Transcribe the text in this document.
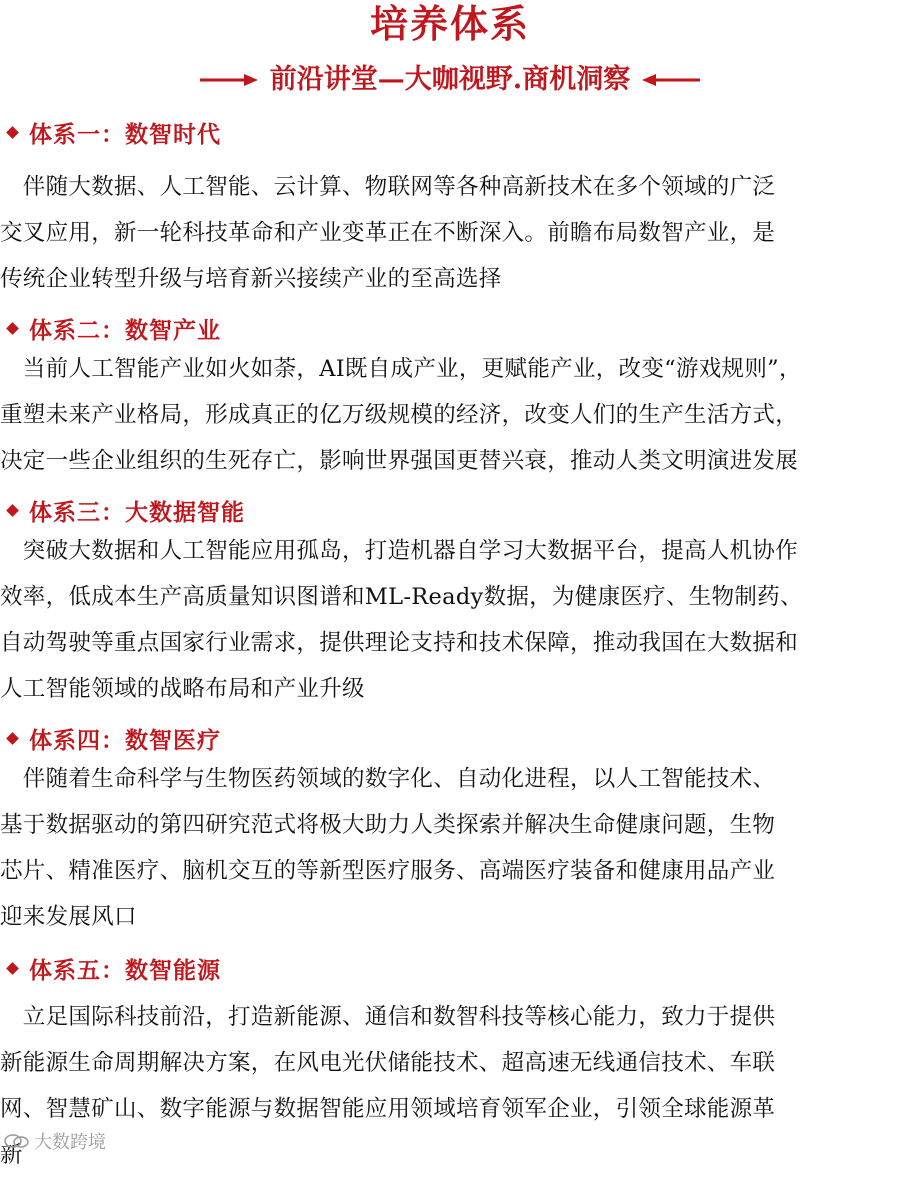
培养体系
前沿讲堂—大咖视野.商机洞察
体系一：数智时代
　伴随大数据、人工智能、云计算、物联网等各种高新技术在多个领域的广泛
交叉应用，新一轮科技革命和产业变革正在不断深入。前瞻布局数智产业，是
传统企业转型升级与培育新兴接续产业的至高选择
体系二：数智产业
　当前人工智能产业如火如荼，AI既自成产业，更赋能产业，改变“游戏规则”，
重塑未来产业格局，形成真正的亿万级规模的经济，改变人们的生产生活方式，
决定一些企业组织的生死存亡，影响世界强国更替兴衰，推动人类文明演进发展
体系三：大数据智能
　突破大数据和人工智能应用孤岛，打造机器自学习大数据平台，提高人机协作
效率，低成本生产高质量知识图谱和ML-Ready数据，为健康医疗、生物制药、
自动驾驶等重点国家行业需求，提供理论支持和技术保障，推动我国在大数据和
人工智能领域的战略布局和产业升级
体系四：数智医疗
　伴随着生命科学与生物医药领域的数字化、自动化进程，以人工智能技术、
基于数据驱动的第四研究范式将极大助力人类探索并解决生命健康问题，生物
芯片、精准医疗、脑机交互的等新型医疗服务、高端医疗装备和健康用品产业
迎来发展风口
体系五：数智能源
　立足国际科技前沿，打造新能源、通信和数智科技等核心能力，致力于提供
新能源生命周期解决方案，在风电光伏储能技术、超高速无线通信技术、车联
网、智慧矿山、数字能源与数据智能应用领域培育领军企业，引领全球能源革
新 大数跨境
